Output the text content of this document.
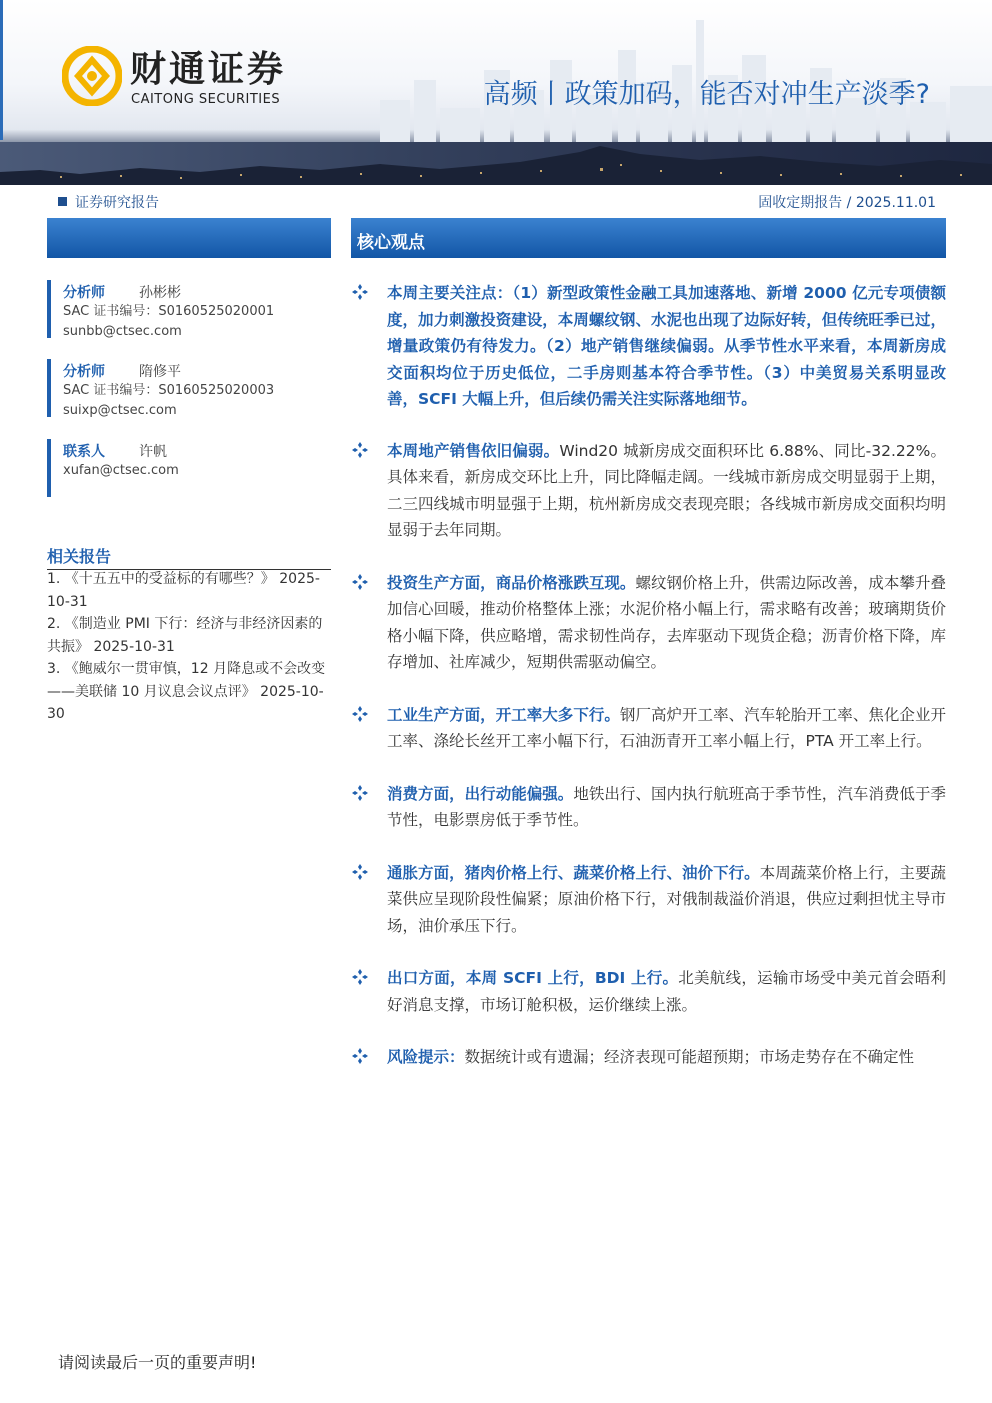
财通证券
CAITONG SECURITIES	高频丨政策加码，能否对冲生产淡季?
证券研究报告	固收定期报告 / 2025.11.01
核心观点
分析师 孙彬彬
SAC 证书编号：S0160525020001
sunbb@ctsec.com
分析师 隋修平
SAC 证书编号：S0160525020003
suixp@ctsec.com
联系人 许帆
xufan@ctsec.com
相关报告
1. 《十五五中的受益标的有哪些？》 2025-10-31
2. 《制造业 PMI 下行：经济与非经济因素的共振》 2025-10-31
3. 《鲍威尔一贯审慎，12 月降息或不会改变 ——美联储 10 月议息会议点评》 2025-10-30
本周主要关注点：（1）新型政策性金融工具加速落地、新增 2000 亿元专项债额度，加力刺激投资建设，本周螺纹钢、水泥也出现了边际好转，但传统旺季已过，增量政策仍有待发力。（2）地产销售继续偏弱。从季节性水平来看，本周新房成交面积均位于历史低位，二手房则基本符合季节性。（3）中美贸易关系明显改善，SCFI 大幅上升，但后续仍需关注实际落地细节。
本周地产销售依旧偏弱。Wind20 城新房成交面积环比 6.88%、同比-32.22%。具体来看，新房成交环比上升，同比降幅走阔。一线城市新房成交明显弱于上期，二三四线城市明显强于上期，杭州新房成交表现亮眼；各线城市新房成交面积均明显弱于去年同期。
投资生产方面，商品价格涨跌互现。螺纹钢价格上升，供需边际改善，成本攀升叠加信心回暖，推动价格整体上涨；水泥价格小幅上行，需求略有改善；玻璃期货价格小幅下降，供应略增，需求韧性尚存，去库驱动下现货企稳；沥青价格下降，库存增加、社库减少，短期供需驱动偏空。
工业生产方面，开工率大多下行。钢厂高炉开工率、汽车轮胎开工率、焦化企业开工率、涤纶长丝开工率小幅下行，石油沥青开工率小幅上行，PTA 开工率上行。
消费方面，出行动能偏强。地铁出行、国内执行航班高于季节性，汽车消费低于季节性，电影票房低于季节性。
通胀方面，猪肉价格上行、蔬菜价格上行、油价下行。本周蔬菜价格上行，主要蔬菜供应呈现阶段性偏紧；原油价格下行，对俄制裁溢价消退，供应过剩担忧主导市场，油价承压下行。
出口方面，本周 SCFI 上行，BDI 上行。北美航线，运输市场受中美元首会晤利好消息支撑，市场订舱积极，运价继续上涨。
风险提示：数据统计或有遗漏；经济表现可能超预期；市场走势存在不确定性
请阅读最后一页的重要声明!
